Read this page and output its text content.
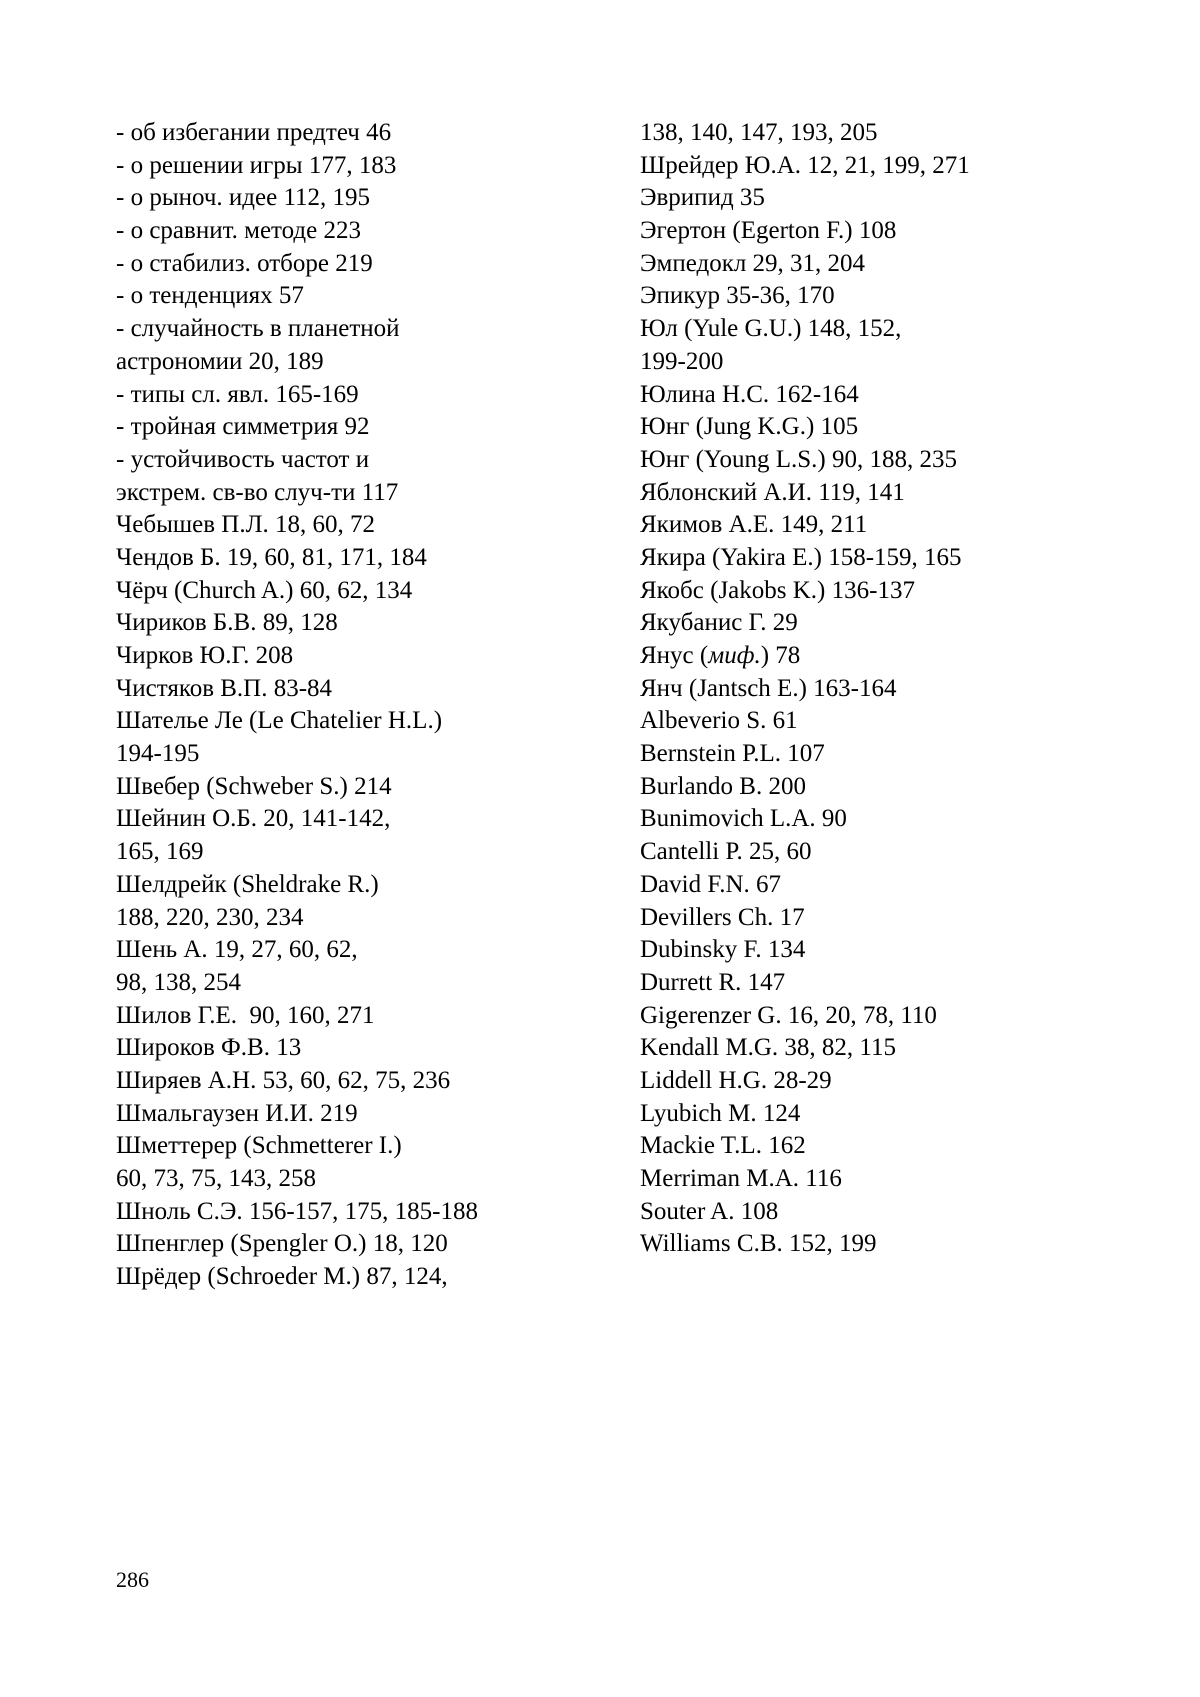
- об избегании предтеч 46
- о решении игры 177, 183
- о рыноч. идее 112, 195
- о сравнит. методе 223
- о стабилиз. отборе 219
- о тенденциях 57
- случайность в планетной
астрономии 20, 189
- типы сл. явл. 165-169
- тройная симметрия 92
- устойчивость частот и
экстрем. св-во случ-ти 117
Чебышев П.Л. 18, 60, 72
Чендов Б. 19, 60, 81, 171, 184
Чёрч (Church A.) 60, 62, 134
Чириков Б.В. 89, 128
Чирков Ю.Г. 208
Чистяков В.П. 83-84
Шателье Ле (Le Chatelier H.L.)
194-195
Швебер (Schweber S.) 214
Шейнин О.Б. 20, 141-142,
165, 169
Шелдрейк (Sheldrake R.)
188, 220, 230, 234
Шень А. 19, 27, 60, 62,
98, 138, 254
Шилов Г.Е.  90, 160, 271
Широков Ф.В. 13
Ширяев А.Н. 53, 60, 62, 75, 236
Шмальгаузен И.И. 219
Шметтерер (Schmetterer I.)
60, 73, 75, 143, 258
Шноль С.Э. 156-157, 175, 185-188
Шпенглер (Spengler O.) 18, 120
Шрёдер (Schroeder M.) 87, 124,
138, 140, 147, 193, 205
Шрейдер Ю.А. 12, 21, 199, 271
Эврипид 35
Эгертон (Egerton F.) 108
Эмпедокл 29, 31, 204
Эпикур 35-36, 170
Юл (Yule G.U.) 148, 152,
199-200
Юлина Н.С. 162-164
Юнг (Jung K.G.) 105
Юнг (Young L.S.) 90, 188, 235
Яблонский А.И. 119, 141
Якимов А.Е. 149, 211
Якира (Yakira E.) 158-159, 165
Якобс (Jakobs K.) 136-137
Якубанис Г. 29
Янус (миф.) 78
Янч (Jantsch E.) 163-164
Albeverio S. 61
Bernstein P.L. 107
Burlando B. 200
Bunimovich L.A. 90
Cantelli P. 25, 60
David F.N. 67
Devillers Ch. 17
Dubinsky F. 134
Durrett R. 147
Gigerenzer G. 16, 20, 78, 110
Kendall M.G. 38, 82, 115
Liddell H.G. 28-29
Lyubich M. 124
Mackie T.L. 162
Merriman M.A. 116
Souter A. 108
Williams C.B. 152, 199
286
